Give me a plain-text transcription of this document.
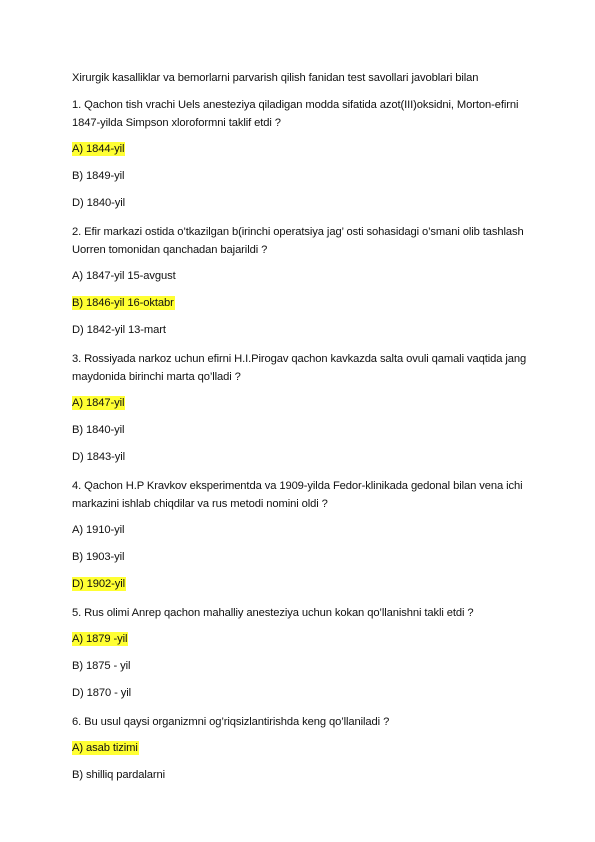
Xirurgik kasalliklar va bemorlarni parvarish qilish fanidan test savollari javoblari bilan
1. Qachon tish vrachi Uels anesteziya qiladigan modda sifatida azot(III)oksidni, Morton-efirni 1847-yilda Simpson xloroformni taklif etdi ?
A) 1844-yil
B) 1849-yil
D) 1840-yil
2. Efir markazi ostida o’tkazilgan b(irinchi operatsiya jag’ osti sohasidagi o’smani olib tashlash Uorren tomonidan qanchadan bajarildi ?
A) 1847-yil 15-avgust
B) 1846-yil 16-oktabr
D) 1842-yil 13-mart
3. Rossiyada narkoz uchun efirni H.I.Pirogav qachon kavkazda salta ovuli qamali vaqtida jang maydonida birinchi marta qo’lladi ?
A) 1847-yil
B) 1840-yil
D) 1843-yil
4. Qachon H.P Kravkov eksperimentda va 1909-yilda Fedor-klinikada gedonal bilan vena ichi markazini ishlab chiqdilar va rus metodi nomini oldi ?
A) 1910-yil
B) 1903-yil
D) 1902-yil
5. Rus olimi Anrep qachon mahalliy anesteziya uchun kokan qo’llanishni takli etdi ?
A) 1879 -yil
B) 1875 - yil
D) 1870 - yil
6. Bu usul qaysi organizmni og’riqsizlantirishda keng qo’llaniladi ?
A) asab tizimi
B) shilliq pardalarni
